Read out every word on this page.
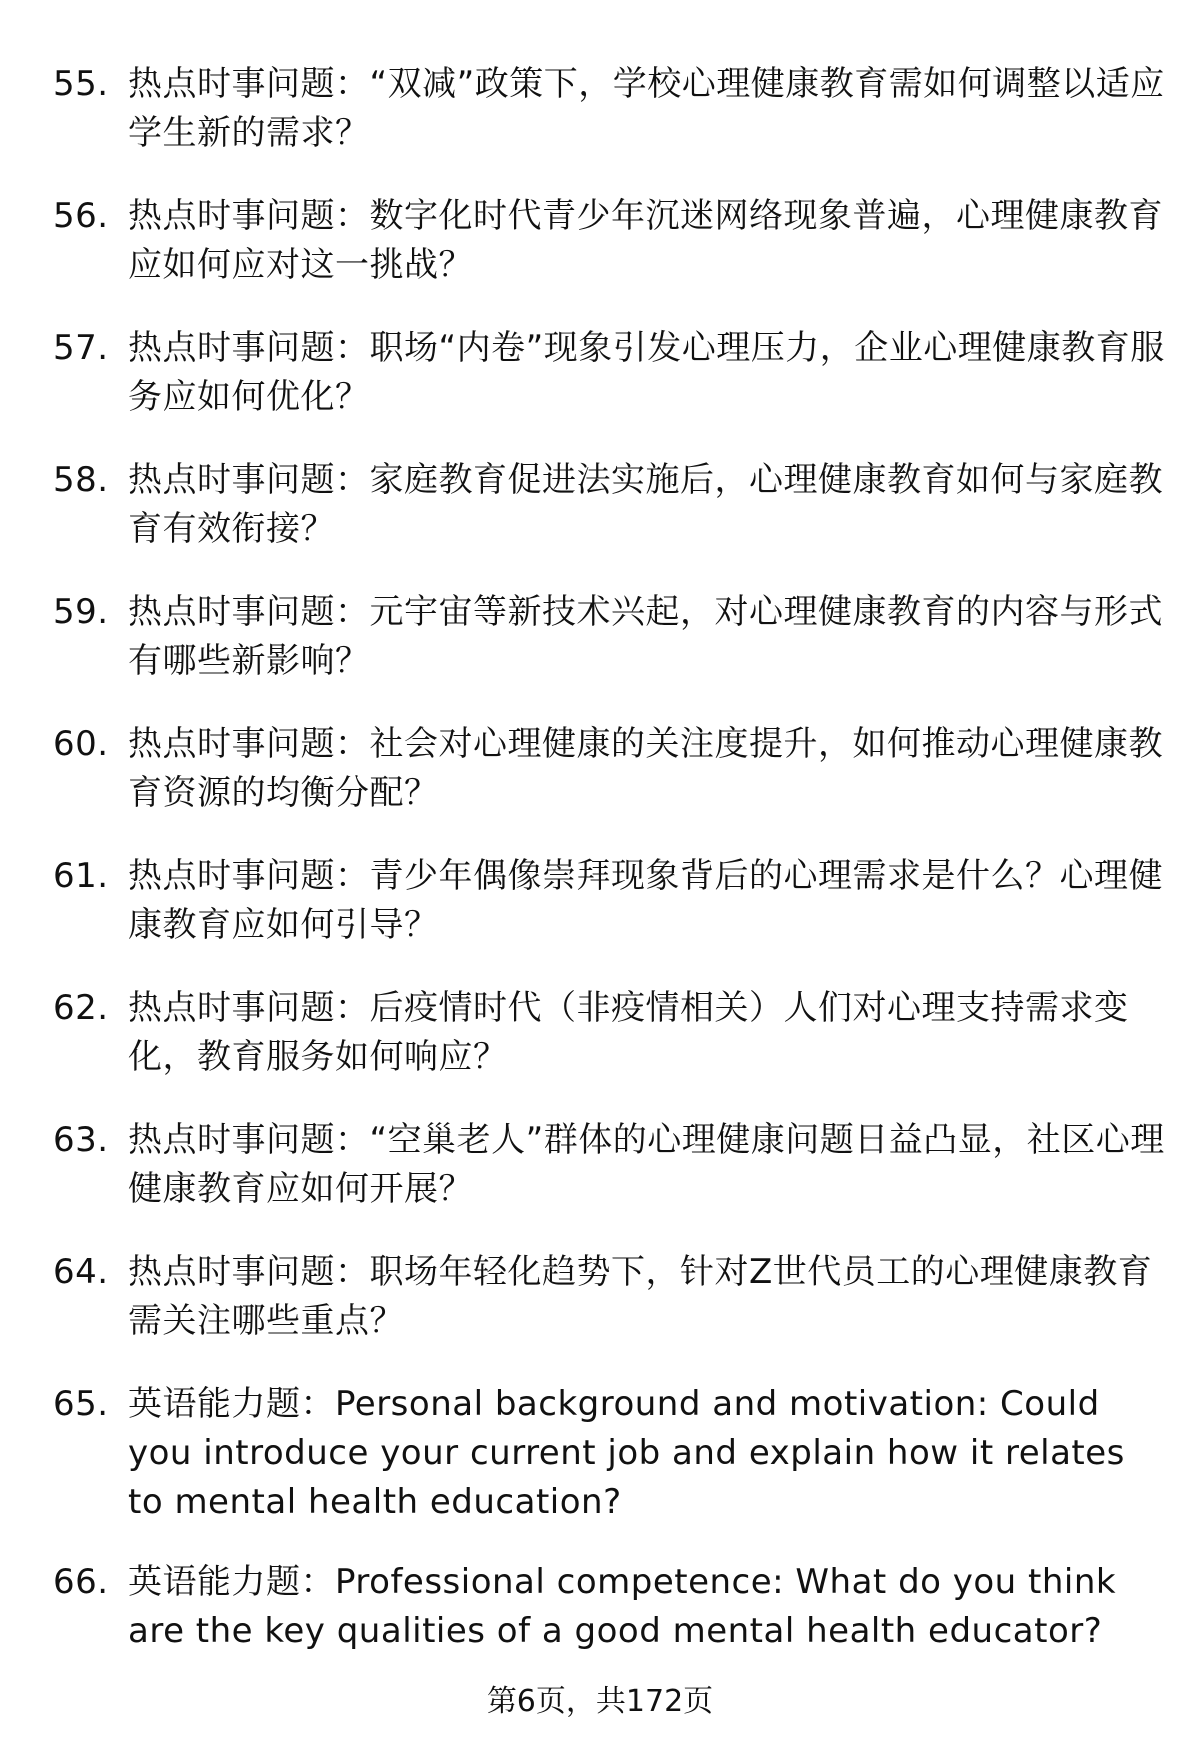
55. 热点时事问题：“双减”政策下，学校心理健康教育需如何调整以适应学生新的需求？
56. 热点时事问题：数字化时代青少年沉迷网络现象普遍，心理健康教育应如何应对这一挑战？
57. 热点时事问题：职场“内卷”现象引发心理压力，企业心理健康教育服务应如何优化？
58. 热点时事问题：家庭教育促进法实施后，心理健康教育如何与家庭教育有效衔接？
59. 热点时事问题：元宇宙等新技术兴起，对心理健康教育的内容与形式有哪些新影响？
60. 热点时事问题：社会对心理健康的关注度提升，如何推动心理健康教育资源的均衡分配？
61. 热点时事问题：青少年偶像崇拜现象背后的心理需求是什么？心理健康教育应如何引导？
62. 热点时事问题：后疫情时代（非疫情相关）人们对心理支持需求变化，教育服务如何响应？
63. 热点时事问题：“空巢老人”群体的心理健康问题日益凸显，社区心理健康教育应如何开展？
64. 热点时事问题：职场年轻化趋势下，针对Z世代员工的心理健康教育需关注哪些重点？
65. 英语能力题：Personal background and motivation: Could you introduce your current job and explain how it relates to mental health education?
66. 英语能力题：Professional competence: What do you think are the key qualities of a good mental health educator?
第6页，共172页
